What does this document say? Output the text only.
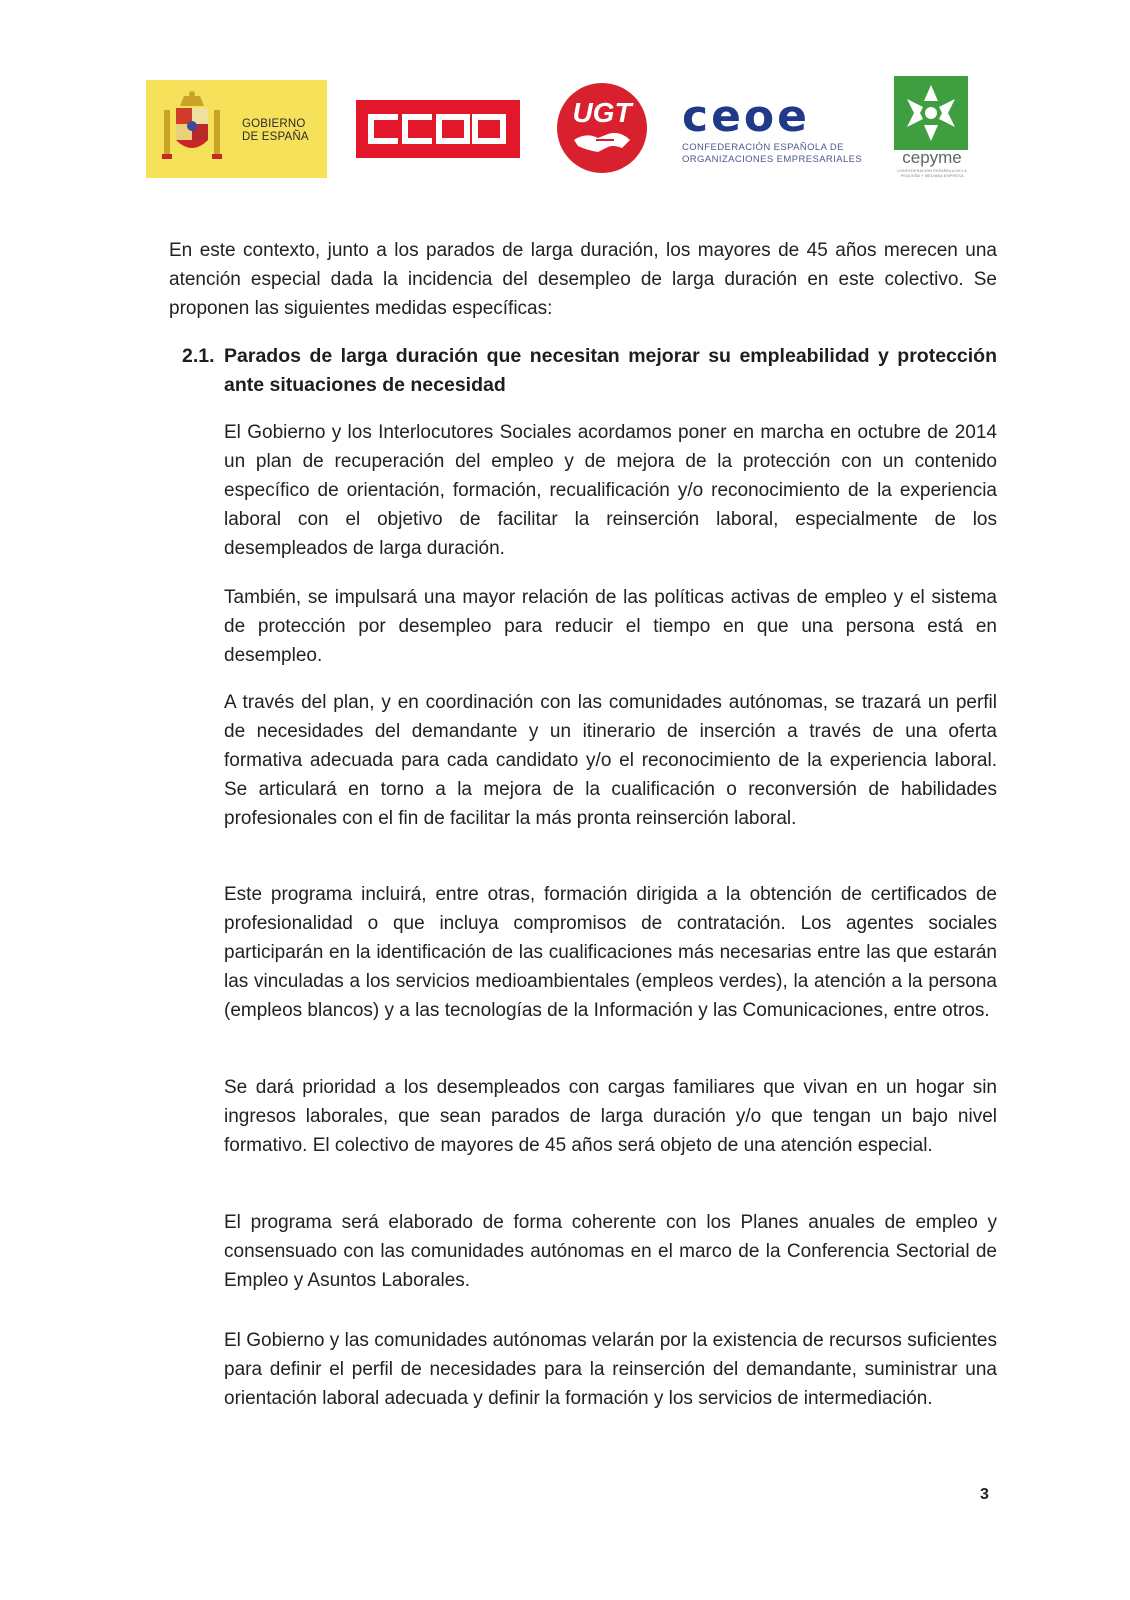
GOBIERNO
DE ESPAÑA
UGT ceoe
CONFEDERACIÓN ESPAÑOLA DE
ORGANIZACIONES EMPRESARIALES	cepyme
CONFEDERACIÓN ESPAÑOLA DE LA PEQUEÑA Y MEDIANA EMPRESA

En este contexto, junto a los parados de larga duración, los mayores de 45 años merecen una atención especial dada la incidencia del desempleo de larga duración en este colectivo. Se proponen las siguientes medidas específicas:

2.1. Parados de larga duración que necesitan mejorar su empleabilidad y protección ante situaciones de necesidad

El Gobierno y los Interlocutores Sociales acordamos poner en marcha en octubre de 2014 un plan de recuperación del empleo y de mejora de la protección con un contenido específico de orientación, formación, recualificación y/o reconocimiento de la experiencia laboral con el objetivo de facilitar la reinserción laboral, especialmente de los desempleados de larga duración.

También, se impulsará una mayor relación de las políticas activas de empleo y el sistema de protección por desempleo para reducir el tiempo en que una persona está en desempleo.

A través del plan, y en coordinación con las comunidades autónomas, se trazará un perfil de necesidades del demandante y un itinerario de inserción a través de una oferta formativa adecuada para cada candidato y/o el reconocimiento de la experiencia laboral. Se articulará en torno a la mejora de la cualificación o reconversión de habilidades profesionales con el fin de facilitar la más pronta reinserción laboral.

Este programa incluirá, entre otras, formación dirigida a la obtención de certificados de profesionalidad o que incluya compromisos de contratación. Los agentes sociales participarán en la identificación de las cualificaciones más necesarias entre las que estarán las vinculadas a los servicios medioambientales (empleos verdes), la atención a la persona (empleos blancos) y a las tecnologías de la Información y las Comunicaciones, entre otros.

Se dará prioridad a los desempleados con cargas familiares que vivan en un hogar sin ingresos laborales, que sean parados de larga duración y/o que tengan un bajo nivel formativo. El colectivo de mayores de 45 años será objeto de una atención especial.

El programa será elaborado de forma coherente con los Planes anuales de empleo y consensuado con las comunidades autónomas en el marco de la Conferencia Sectorial de Empleo y Asuntos Laborales.

El Gobierno y las comunidades autónomas velarán por la existencia de recursos suficientes para definir el perfil de necesidades para la reinserción del demandante, suministrar una orientación laboral adecuada y definir la formación y los servicios de intermediación.

3
